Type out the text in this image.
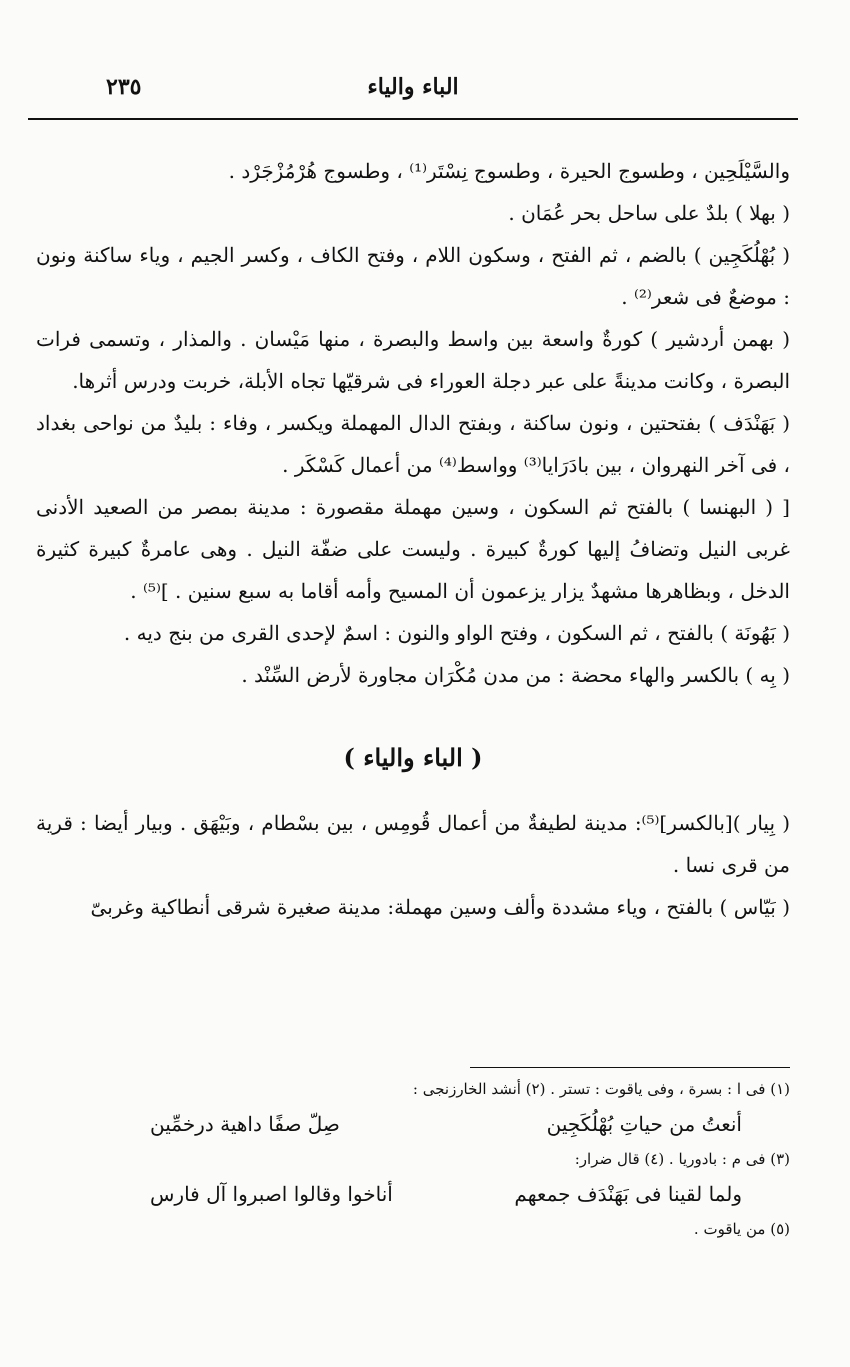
٢٣٥	الباء والياء

والسَّيْلَحِين ، وطسوج الحيرة ، وطسوج نِسْتَر⁽¹⁾ ، وطسوج هُرْمُزْجَرْد .

( بهلا ) بلدٌ على ساحل بحر عُمَان .

( بُهْلُكَجِين ) بالضم ، ثم الفتح ، وسكون اللام ، وفتح الكاف ، وكسر الجيم ، وياء ساكنة ونون : موضعٌ فى شعر⁽²⁾ .

( بهمن أردشير ) كورةٌ واسعة بين واسط والبصرة ، منها مَيْسان . والمذار ، وتسمى فرات البصرة ، وكانت مدينةً على عبر دجلة العوراء فى شرقيّها تجاه الأبلة، خربت ودرس أثرها.

( بَهَنْدَف ) بفتحتين ، ونون ساكنة ، وبفتح الدال المهملة ويكسر ، وفاء : بليدٌ من نواحى بغداد ، فى آخر النهروان ، بين بادَرَايا⁽³⁾ وواسط⁽⁴⁾ من أعمال كَسْكَر .

[ ( البهنسا ) بالفتح ثم السكون ، وسين مهملة مقصورة : مدينة بمصر من الصعيد الأدنى غربى النيل وتضافُ إليها كورةٌ كبيرة . وليست على ضفّة النيل . وهى عامرةٌ كبيرة كثيرة الدخل ، وبظاهرها مشهدٌ يزار يزعمون أن المسيح وأمه أقاما به سبع سنين . ]⁽⁵⁾ .

( بَهُونَة ) بالفتح ، ثم السكون ، وفتح الواو والنون : اسمٌ لإحدى القرى من بنج ديه .

( بِه ) بالكسر والهاء محضة : من مدن مُكْرَان مجاورة لأرض السِّنْد .

( الباء والياء )

( بِيار )[بالكسر]⁽⁵⁾: مدينة لطيفةٌ من أعمال قُومِس ، بين بسْطام ، وبَيْهَق . وبيار أيضا : قرية من قرى نسا .

( بَيّاس ) بالفتح ، وياء مشددة وألف وسين مهملة: مدينة صغيرة شرقى أنطاكية وغربىّ

(١) فى ا : بسرة ، وفى ياقوت : تستر . (٢) أنشد الخارزنجى :

أنعتُ من حياتِ بُهْلُكَجِين
صِلّ صفًا داهية درخمِّين

(٣) فى م : بادوريا . (٤) قال ضرار:

ولما لقينا فى بَهَنْدَف جمعهم
أناخوا وقالوا اصبروا آل فارس

(٥) من ياقوت .
